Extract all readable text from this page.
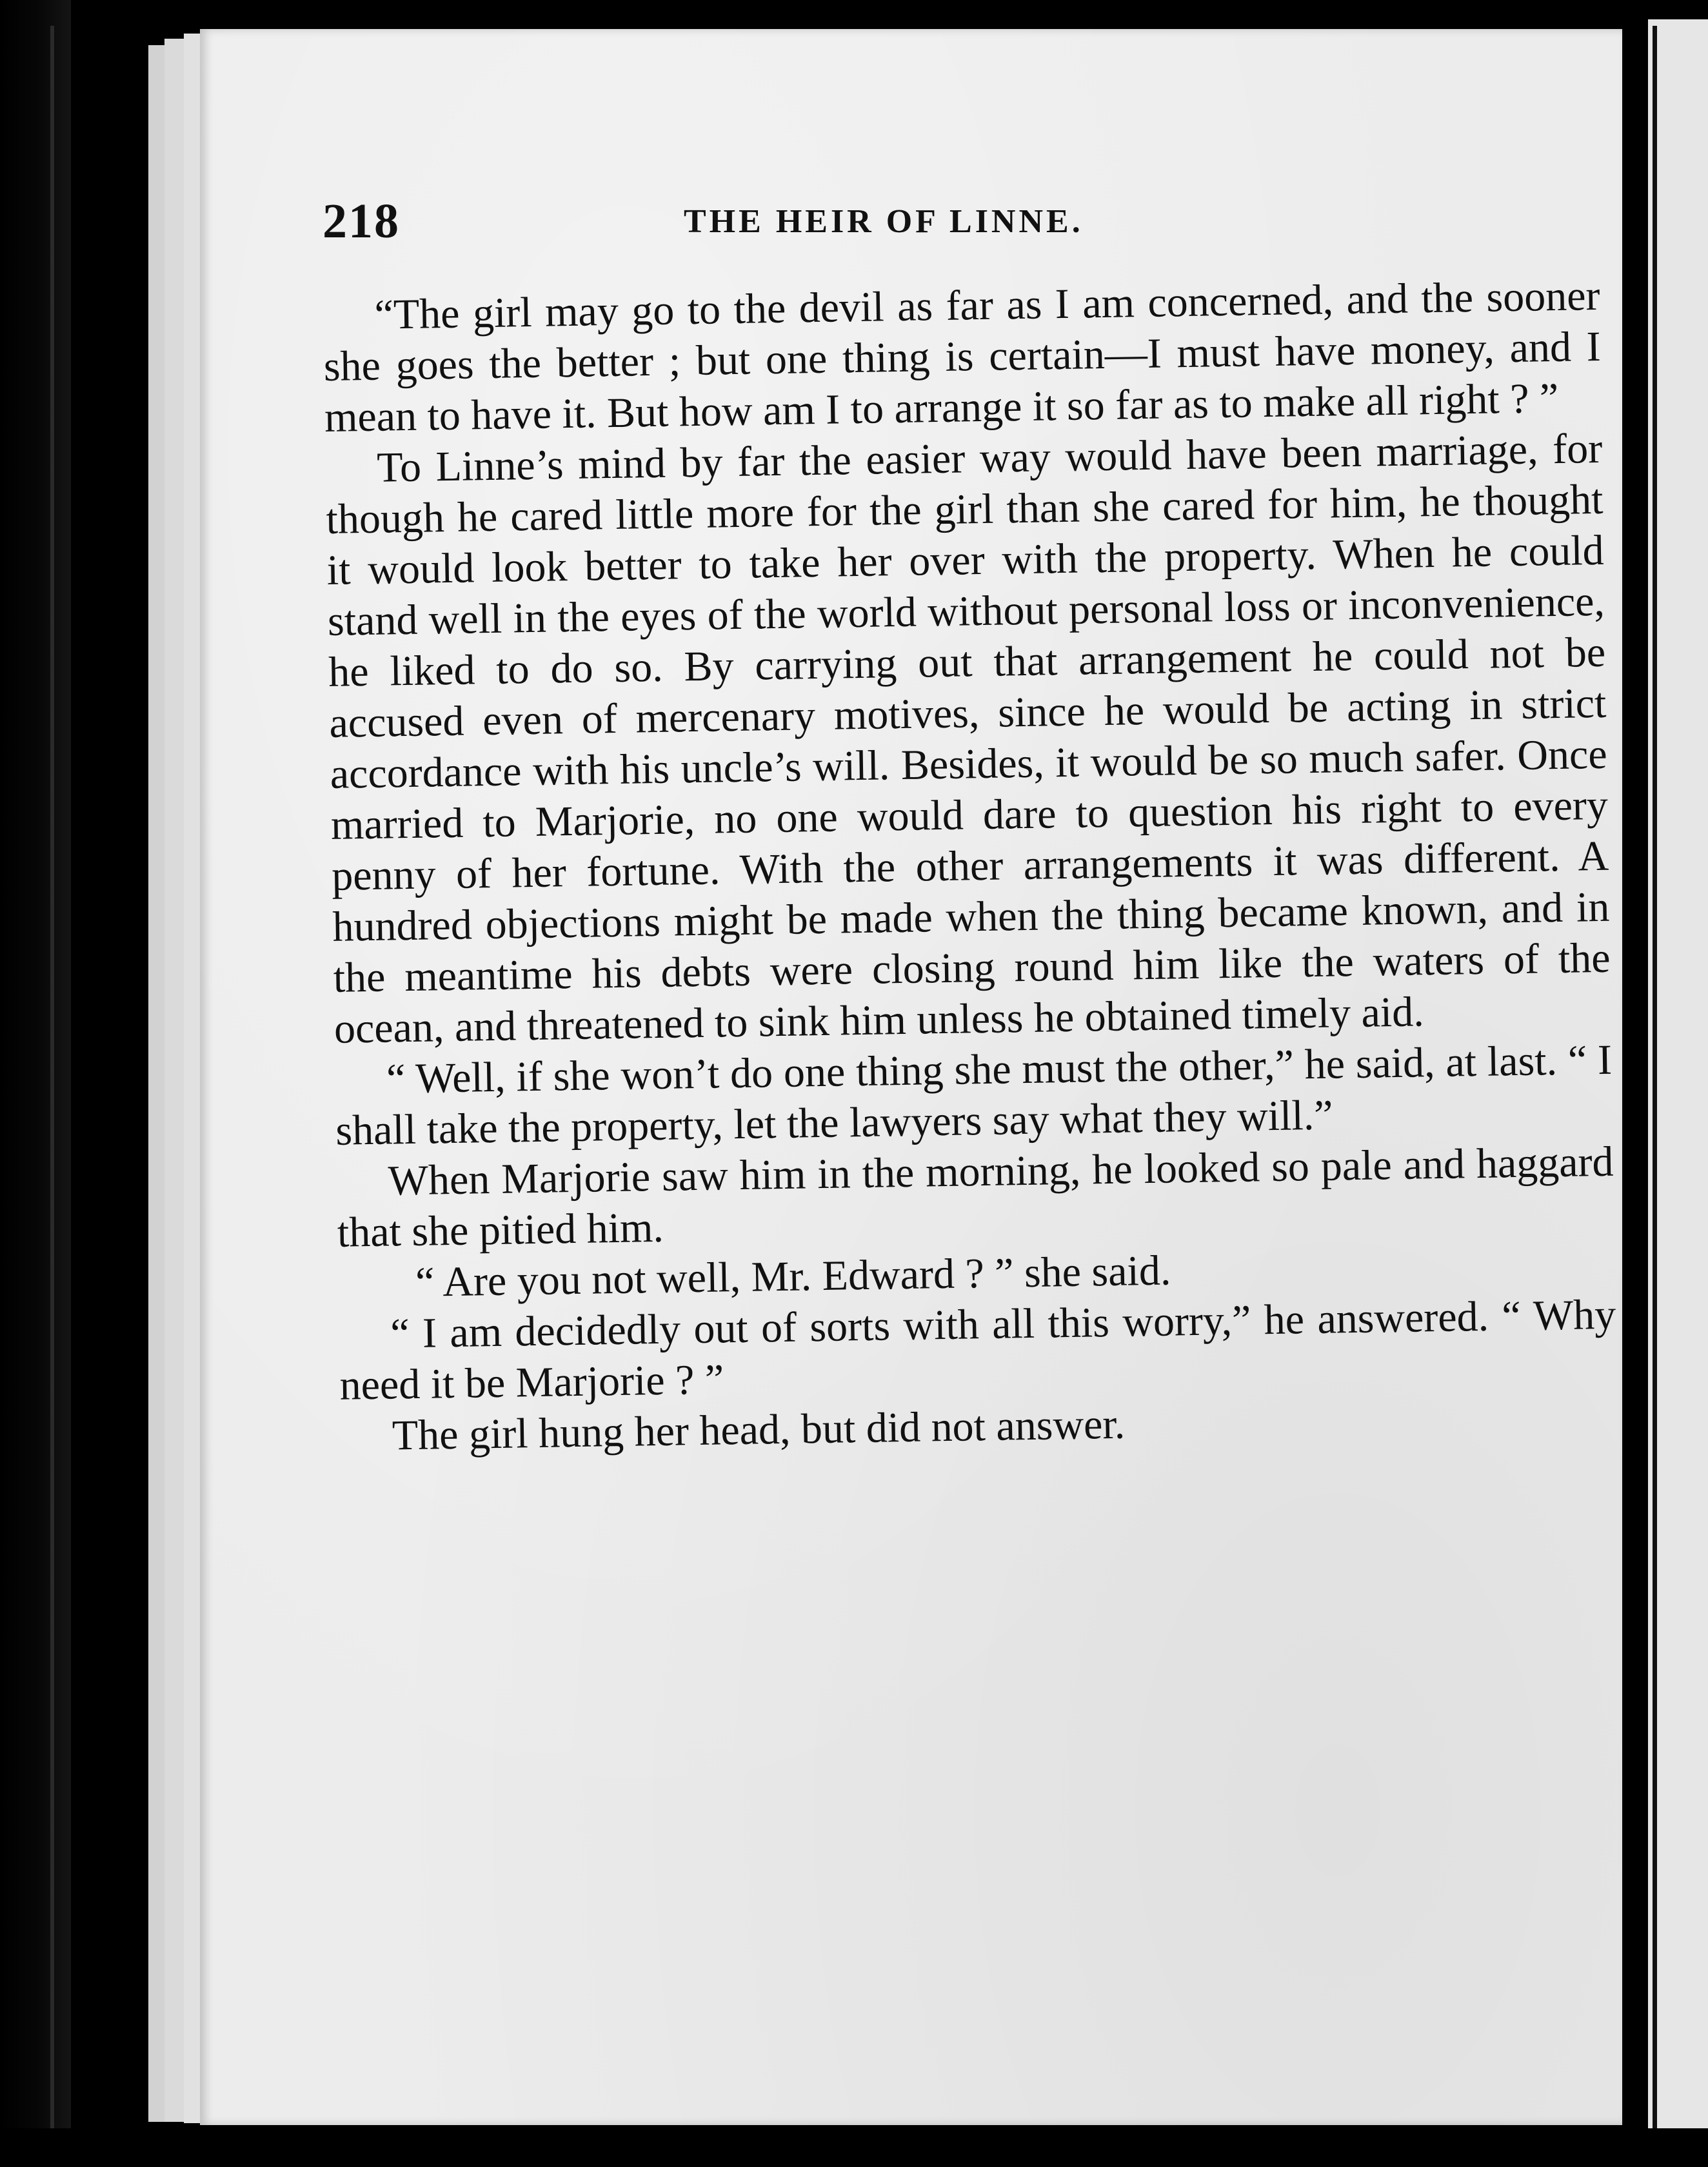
218	THE HEIR OF LINNE.

“The girl may go to the devil as far as I am concerned, and the sooner she goes the better ; but one thing is certain—I must have money, and I mean to have it. But how am I to arrange it so far as to make all right ? ”

To Linne’s mind by far the easier way would have been marriage, for though he cared little more for the girl than she cared for him, he thought it would look better to take her over with the property. When he could stand well in the eyes of the world without personal loss or inconvenience, he liked to do so. By carrying out that arrangement he could not be accused even of mercenary motives, since he would be acting in strict accordance with his uncle’s will. Besides, it would be so much safer. Once married to Marjorie, no one would dare to question his right to every penny of her fortune. With the other arrangements it was different. A hundred objections might be made when the thing became known, and in the meantime his debts were closing round him like the waters of the ocean, and threatened to sink him unless he obtained timely aid.

“ Well, if she won’t do one thing she must the other,” he said, at last. “ I shall take the property, let the lawyers say what they will.”

When Marjorie saw him in the morning, he looked so pale and haggard that she pitied him.

“ Are you not well, Mr. Edward ? ” she said.

“ I am decidedly out of sorts with all this worry,” he answered. “ Why need it be Marjorie ? ”

The girl hung her head, but did not answer.
